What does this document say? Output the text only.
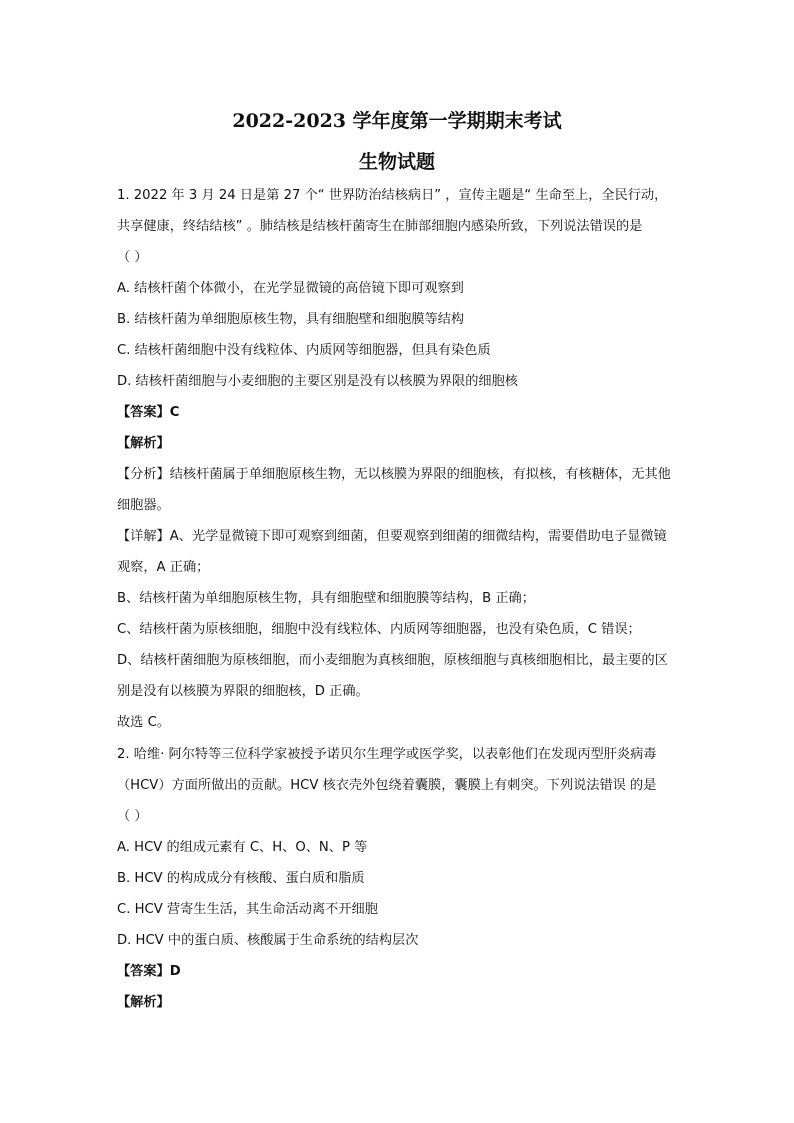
2022-2023 学年度第一学期期末考试
生物试题
1. 2022 年 3 月 24 日是第 27 个“ 世界防治结核病日” ，宣传主题是“ 生命至上，全民行动，
共享健康，终结结核” 。肺结核是结核杆菌寄生在肺部细胞内感染所致，下列说法错误的是
（ ）
A. 结核杆菌个体微小，在光学显微镜的高倍镜下即可观察到
B. 结核杆菌为单细胞原核生物，具有细胞壁和细胞膜等结构
C. 结核杆菌细胞中没有线粒体、内质网等细胞器，但具有染色质
D. 结核杆菌细胞与小麦细胞的主要区别是没有以核膜为界限的细胞核
【答案】C
【解析】
【分析】结核杆菌属于单细胞原核生物，无以核膜为界限的细胞核，有拟核，有核糖体，无其他
细胞器。
【详解】A、光学显微镜下即可观察到细菌，但要观察到细菌的细微结构，需要借助电子显微镜
观察，A 正确；
B、结核杆菌为单细胞原核生物，具有细胞壁和细胞膜等结构，B 正确；
C、结核杆菌为原核细胞，细胞中没有线粒体、内质网等细胞器，也没有染色质，C 错误；
D、结核杆菌细胞为原核细胞，而小麦细胞为真核细胞，原核细胞与真核细胞相比，最主要的区
别是没有以核膜为界限的细胞核，D 正确。
故选 C。
2. 哈维· 阿尔特等三位科学家被授予诺贝尔生理学或医学奖，以表彰他们在发现丙型肝炎病毒
（HCV）方面所做出的贡献。HCV 核衣壳外包绕着囊膜，囊膜上有刺突。下列说法错误 的是
（ ）
A. HCV 的组成元素有 C、H、O、N、P 等
B. HCV 的构成成分有核酸、蛋白质和脂质
C. HCV 营寄生生活，其生命活动离不开细胞
D. HCV 中的蛋白质、核酸属于生命系统的结构层次
【答案】D
【解析】
